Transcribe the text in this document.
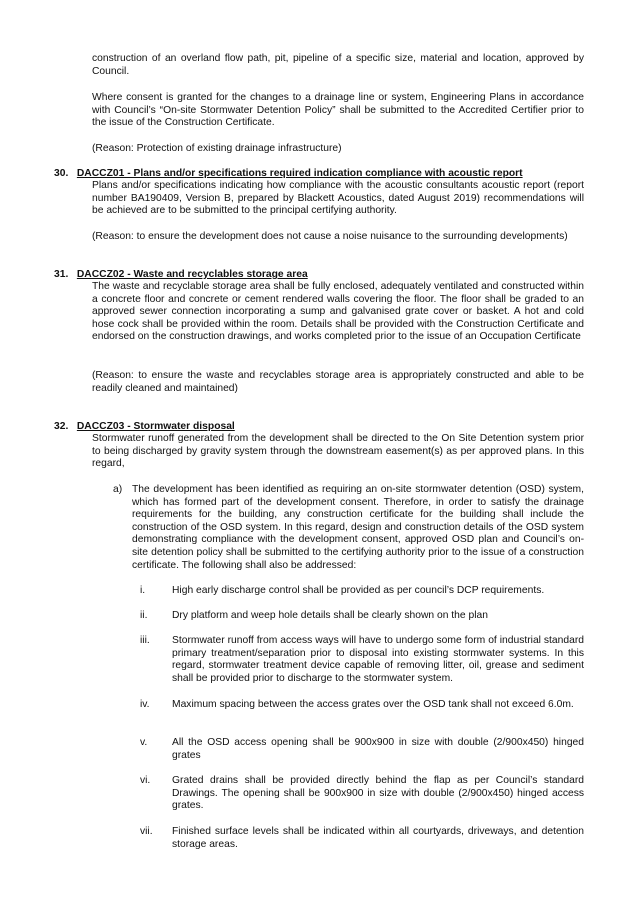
construction of an overland flow path, pit, pipeline of a specific size, material and location, approved by Council.

Where consent is granted for the changes to a drainage line or system, Engineering Plans in accordance with Council’s “On-site Stormwater Detention Policy” shall be submitted to the Accredited Certifier prior to the issue of the Construction Certificate.

(Reason: Protection of existing drainage infrastructure)

30. DACCZ01 - Plans and/or specifications required indication compliance with acoustic report

Plans and/or specifications indicating how compliance with the acoustic consultants acoustic report (report number BA190409, Version B, prepared by Blackett Acoustics, dated August 2019) recommendations will be achieved are to be submitted to the principal certifying authority.

(Reason: to ensure the development does not cause a noise nuisance to the surrounding developments)

31. DACCZ02 - Waste and recyclables storage area

The waste and recyclable storage area shall be fully enclosed, adequately ventilated and constructed within a concrete floor and concrete or cement rendered walls covering the floor. The floor shall be graded to an approved sewer connection incorporating a sump and galvanised grate cover or basket. A hot and cold hose cock shall be provided within the room. Details shall be provided with the Construction Certificate and endorsed on the construction drawings, and works completed prior to the issue of an Occupation Certificate

(Reason: to ensure the waste and recyclables storage area is appropriately constructed and able to be readily cleaned and maintained)

32. DACCZ03 - Stormwater disposal

Stormwater runoff generated from the development shall be directed to the On Site Detention system prior to being discharged by gravity system through the downstream easement(s) as per approved plans. In this regard,

a) The development has been identified as requiring an on-site stormwater detention (OSD) system, which has formed part of the development consent. Therefore, in order to satisfy the drainage requirements for the building, any construction certificate for the building shall include the construction of the OSD system. In this regard, design and construction details of the OSD system demonstrating compliance with the development consent, approved OSD plan and Council’s on-site detention policy shall be submitted to the certifying authority prior to the issue of a construction certificate. The following shall also be addressed:

i.	High early discharge control shall be provided as per council’s DCP requirements.

ii.	Dry platform and weep hole details shall be clearly shown on the plan

iii.	Stormwater runoff from access ways will have to undergo some form of industrial standard primary treatment/separation prior to disposal into existing stormwater systems. In this regard, stormwater treatment device capable of removing litter, oil, grease and sediment shall be provided prior to discharge to the stormwater system.

iv.	Maximum spacing between the access grates over the OSD tank shall not exceed 6.0m.

v.	All the OSD access opening shall be 900x900 in size with double (2/900x450) hinged grates

vi.	Grated drains shall be provided directly behind the flap as per Council’s standard Drawings. The opening shall be 900x900 in size with double (2/900x450) hinged access grates.

vii.	Finished surface levels shall be indicated within all courtyards, driveways, and detention storage areas.
